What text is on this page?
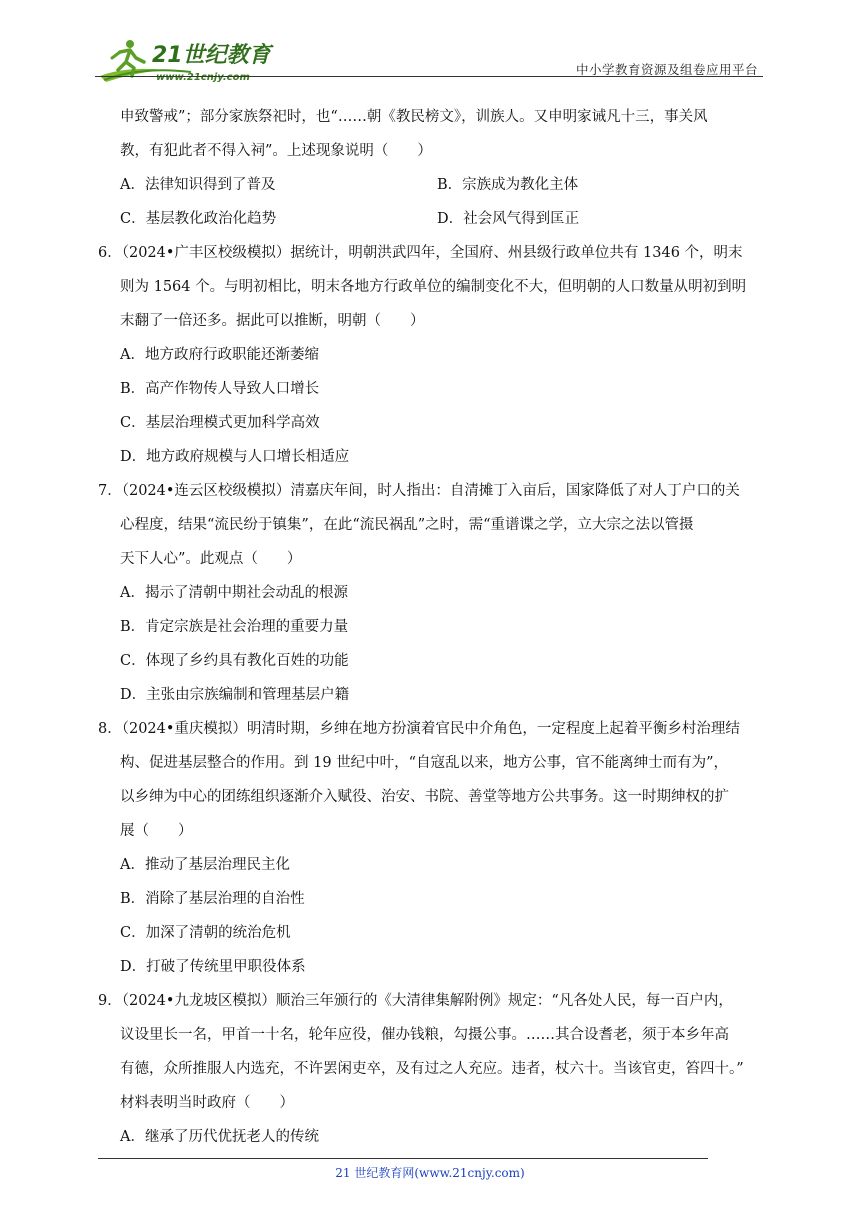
21世纪教育
www.21cnjy.com
中小学教育资源及组卷应用平台
申致警戒”；部分家族祭祀时，也“……朝《教民榜文》，训族人。又申明家诫凡十三，事关风
教，有犯此者不得入祠”。上述现象说明（　　）
A．法律知识得到了普及	B．宗族成为教化主体
C．基层教化政治化趋势	D．社会风气得到匡正
6．（2024•广丰区校级模拟）据统计，明朝洪武四年，全国府、州县级行政单位共有 1346 个，明末
则为 1564 个。与明初相比，明末各地方行政单位的编制变化不大，但明朝的人口数量从明初到明
末翻了一倍还多。据此可以推断，明朝（　　）
A．地方政府行政职能还渐萎缩
B．高产作物传人导致人口增长
C．基层治理模式更加科学高效
D．地方政府规模与人口增长相适应
7．（2024•连云区校级模拟）清嘉庆年间，时人指出：自清摊丁入亩后，国家降低了对人丁户口的关
心程度，结果“流民纷于镇集”，在此“流民祸乱”之时，需“重谱谍之学，立大宗之法以管摄
天下人心”。此观点（　　）
A．揭示了清朝中期社会动乱的根源
B．肯定宗族是社会治理的重要力量
C．体现了乡约具有教化百姓的功能
D．主张由宗族编制和管理基层户籍
8．（2024•重庆模拟）明清时期，乡绅在地方扮演着官民中介角色，一定程度上起着平衡乡村治理结
构、促进基层整合的作用。到 19 世纪中叶，“自寇乱以来，地方公事，官不能离绅士而有为”，
以乡绅为中心的团练组织逐渐介入赋役、治安、书院、善堂等地方公共事务。这一时期绅权的扩
展（　　）
A．推动了基层治理民主化
B．消除了基层治理的自治性
C．加深了清朝的统治危机
D．打破了传统里甲职役体系
9．（2024•九龙坡区模拟）顺治三年颁行的《大清律集解附例》规定：“凡各处人民，每一百户内，
议设里长一名，甲首一十名，轮年应役，催办钱粮，勾摄公事。……其合设耆老，须于本乡年高
有德，众所推服人内选充，不许罢闲吏卒，及有过之人充应。违者，杖六十。当该官吏，笞四十。”
材料表明当时政府（　　）
A．继承了历代优抚老人的传统
21 世纪教育网(www.21cnjy.com)
